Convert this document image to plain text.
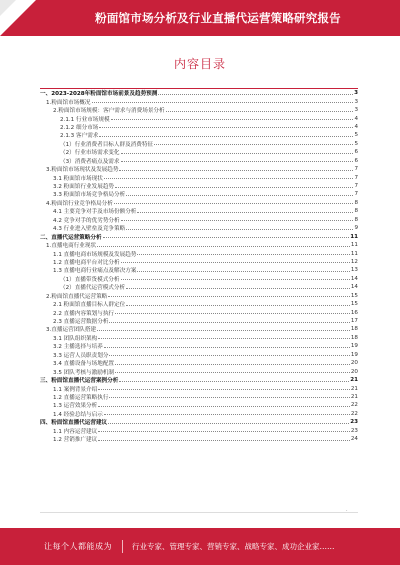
粉面馆市场分析及行业直播代运营策略研究报告
内容目录
一、2023-2028年粉面馆市场前景及趋势预测	3
1.粉面馆市场概况	3
2.粉面馆市场规模：客户需求与消费场景分析	3
2.1.1 行业市场规模	4
2.1.2 细分市场	4
2.1.3 客户需求	5
（1）行业消费者目标人群及消费特征	5
（2）行业市场需求变化	6
（3）消费者痛点及需求	6
3.粉面馆市场现状及发展趋势	7
3.1 粉面馆市场现状	7
3.2 粉面馆行业发展趋势	7
3.3 粉面馆市场竞争格局分析	7
4.粉面馆行业竞争格局分析	8
4.1 主要竞争对手及市场份额分析	8
4.2 竞争对手的优劣势分析	8
4.3 行业进入壁垒及竞争策略	9
二、直播代运营策略分析	11
1.直播电商行业现状	11
1.1 直播电商市场规模及发展趋势	11
1.2 直播电商平台对比分析	12
1.3 直播电商行业痛点及解决方案	13
（1）直播带货模式分析	14
（2）直播代运营模式分析	14
2.粉面馆直播代运营策略	15
2.1 粉面馆直播目标人群定位	15
2.2 直播内容策划与执行	16
2.3 直播运营数据分析	17
3.直播运营团队搭建	18
3.1 团队组织架构	18
3.2 主播选择与培养	19
3.3 运营人员职责划分	19
3.4 直播设备与场地配置	20
3.5 团队考核与激励机制	20
三、粉面馆直播代运营案例分析	21
1.1 案例背景介绍	21
1.2 直播运营策略执行	21
1.3 运营效果分析	22
1.4 经验总结与启示	22
四、粉面馆直播代运营建议	23
1.1 内容运营建议	23
1.2 营销推广建议	24
·
让每个人都能成为	行业专家、管理专家、营销专家、战略专家、成功企业家……
